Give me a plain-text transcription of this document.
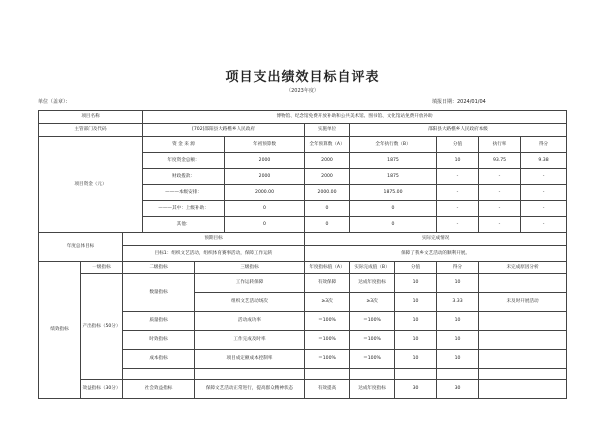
项目支出绩效目标自评表
（2023年度）
单位（盖章）：	填报日期：2024/01/04
项目名称			博物馆、纪念馆免费开放补助和公共美术馆、图书馆、文化馆站免费开放补助								
主管部门及代码			[702]邵阳县大路樵乡人民政府			实施单位	邵阳县大路樵乡人民政府本级				
项目资金（元）			资 金 来 源		年初预算数	全年预算数（A）	全年执行数（B）		分值	执行率	得分
			年度资金总额：		2000	2000	1875		10	93.75	9.38
			财政拨款：		2000	2000	1875		-	-	-
			———本级安排：		2000.00	2000.00	1875.00		-	-	-
			———其中：上级补助：		0	0	0		-	-	-
			其他：		0	0	0		-	-	-
年度总体目标		预期目标				实际完成情况					
		目标1：组织文艺活动，组织体育赛事活动，保障工作运转				保障了我乡文艺活动的顺利开展。					
绩效指标	一级指标	二级指标		三级指标		年度指标值（A）	实际完成值（B）	分值	得分	未完成原因分析	
	产出指标（50分）	数量指标		工作运转保障		有效保障	达成年度指标	10	10		
				组织文艺活动场次		≥3次	≥3次	10	3.33	未及时开展活动	
		质量指标		活动成功率		＝100%	＝100%	10	10		
		时效指标		工作完成及时率		＝100%	＝100%	10	10		
		成本指标		项目成定额成本控制率		＝100%	＝100%	10	10		

	效益指标（30分）	社会效益指标		保障文艺活动正常进行，提高群众精神状态		有效提高	达成年度指标	30	30		
